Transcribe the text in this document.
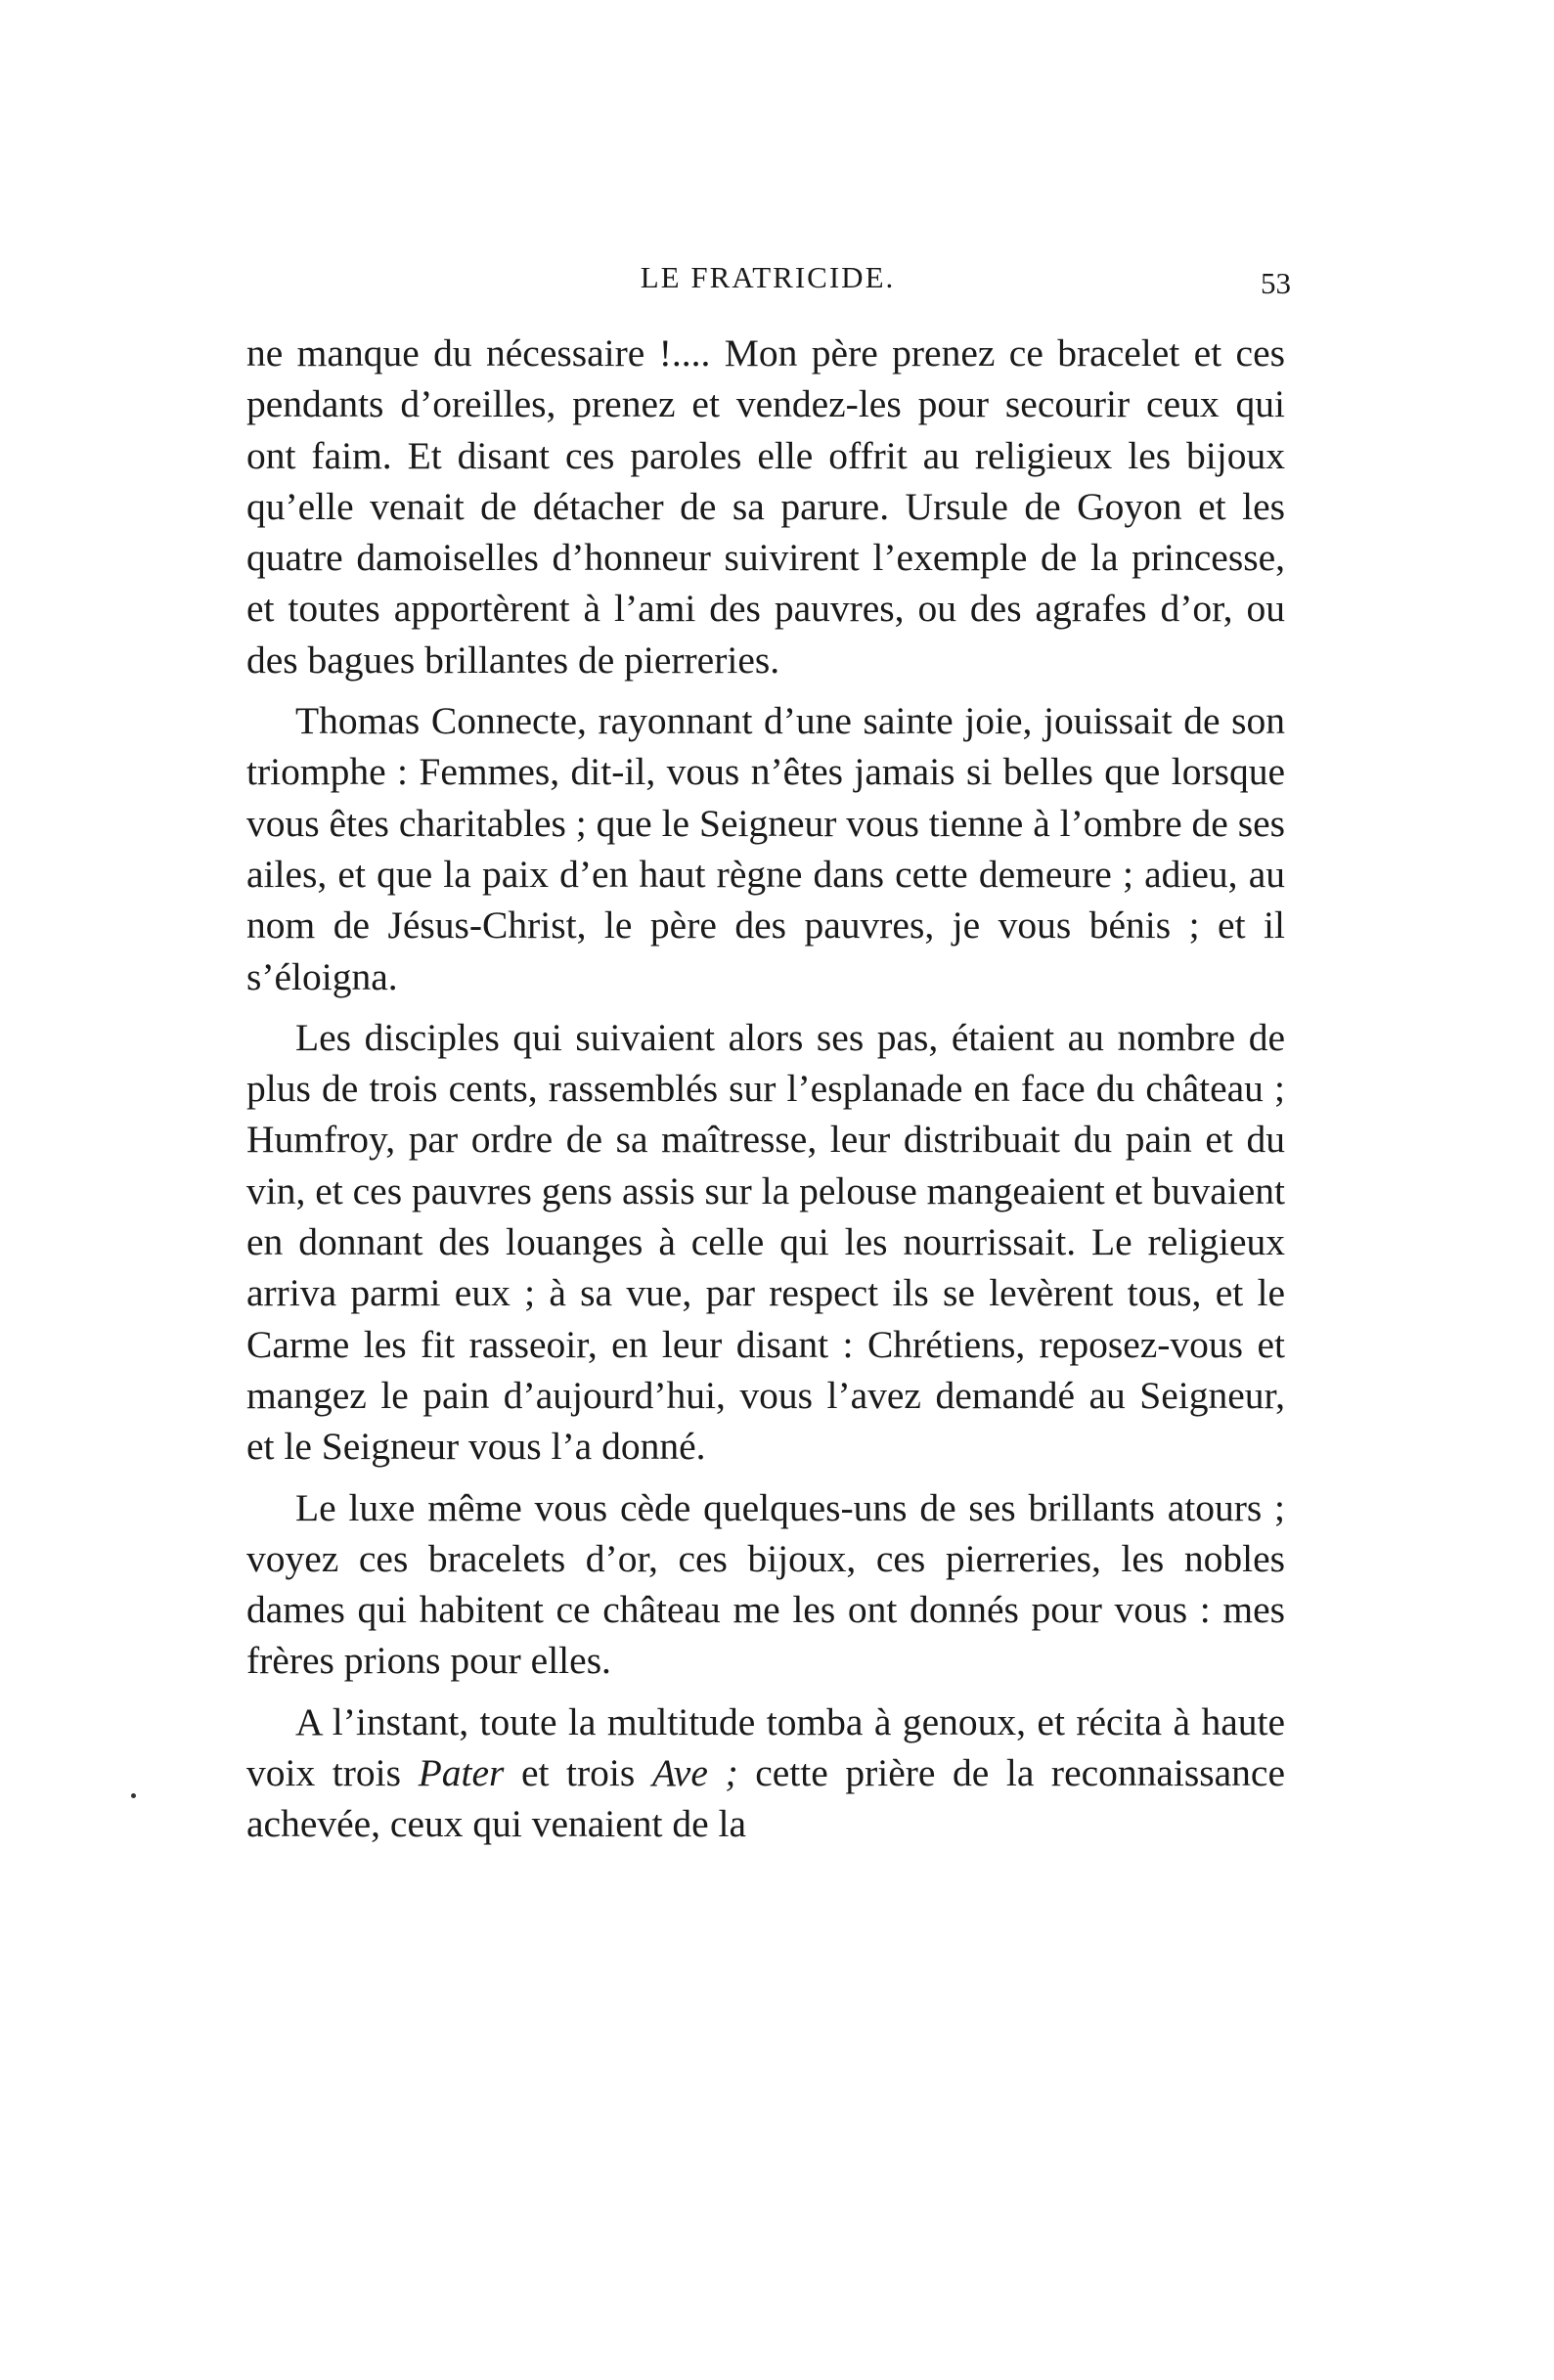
LE FRATRICIDE.	53

ne manque du nécessaire !.... Mon père prenez ce bracelet et ces pendants d’oreilles, prenez et vendez-les pour secourir ceux qui ont faim. Et disant ces paroles elle offrit au religieux les bijoux qu’elle venait de détacher de sa parure. Ursule de Goyon et les quatre damoiselles d’honneur suivirent l’exemple de la princesse, et toutes apportèrent à l’ami des pauvres, ou des agrafes d’or, ou des bagues brillantes de pierreries.

Thomas Connecte, rayonnant d’une sainte joie, jouissait de son triomphe : Femmes, dit-il, vous n’êtes jamais si belles que lorsque vous êtes charitables ; que le Seigneur vous tienne à l’ombre de ses ailes, et que la paix d’en haut règne dans cette demeure ; adieu, au nom de Jésus-Christ, le père des pauvres, je vous bénis ; et il s’éloigna.

Les disciples qui suivaient alors ses pas, étaient au nombre de plus de trois cents, rassemblés sur l’esplanade en face du château ; Humfroy, par ordre de sa maîtresse, leur distribuait du pain et du vin, et ces pauvres gens assis sur la pelouse mangeaient et buvaient en donnant des louanges à celle qui les nourrissait. Le religieux arriva parmi eux ; à sa vue, par respect ils se levèrent tous, et le Carme les fit rasseoir, en leur disant : Chrétiens, reposez-vous et mangez le pain d’aujourd’hui, vous l’avez demandé au Seigneur, et le Seigneur vous l’a donné.

Le luxe même vous cède quelques-uns de ses brillants atours ; voyez ces bracelets d’or, ces bijoux, ces pierreries, les nobles dames qui habitent ce château me les ont donnés pour vous : mes frères prions pour elles.

A l’instant, toute la multitude tomba à genoux, et récita à haute voix trois Pater et trois Ave ; cette prière de la reconnaissance achevée, ceux qui venaient de la
